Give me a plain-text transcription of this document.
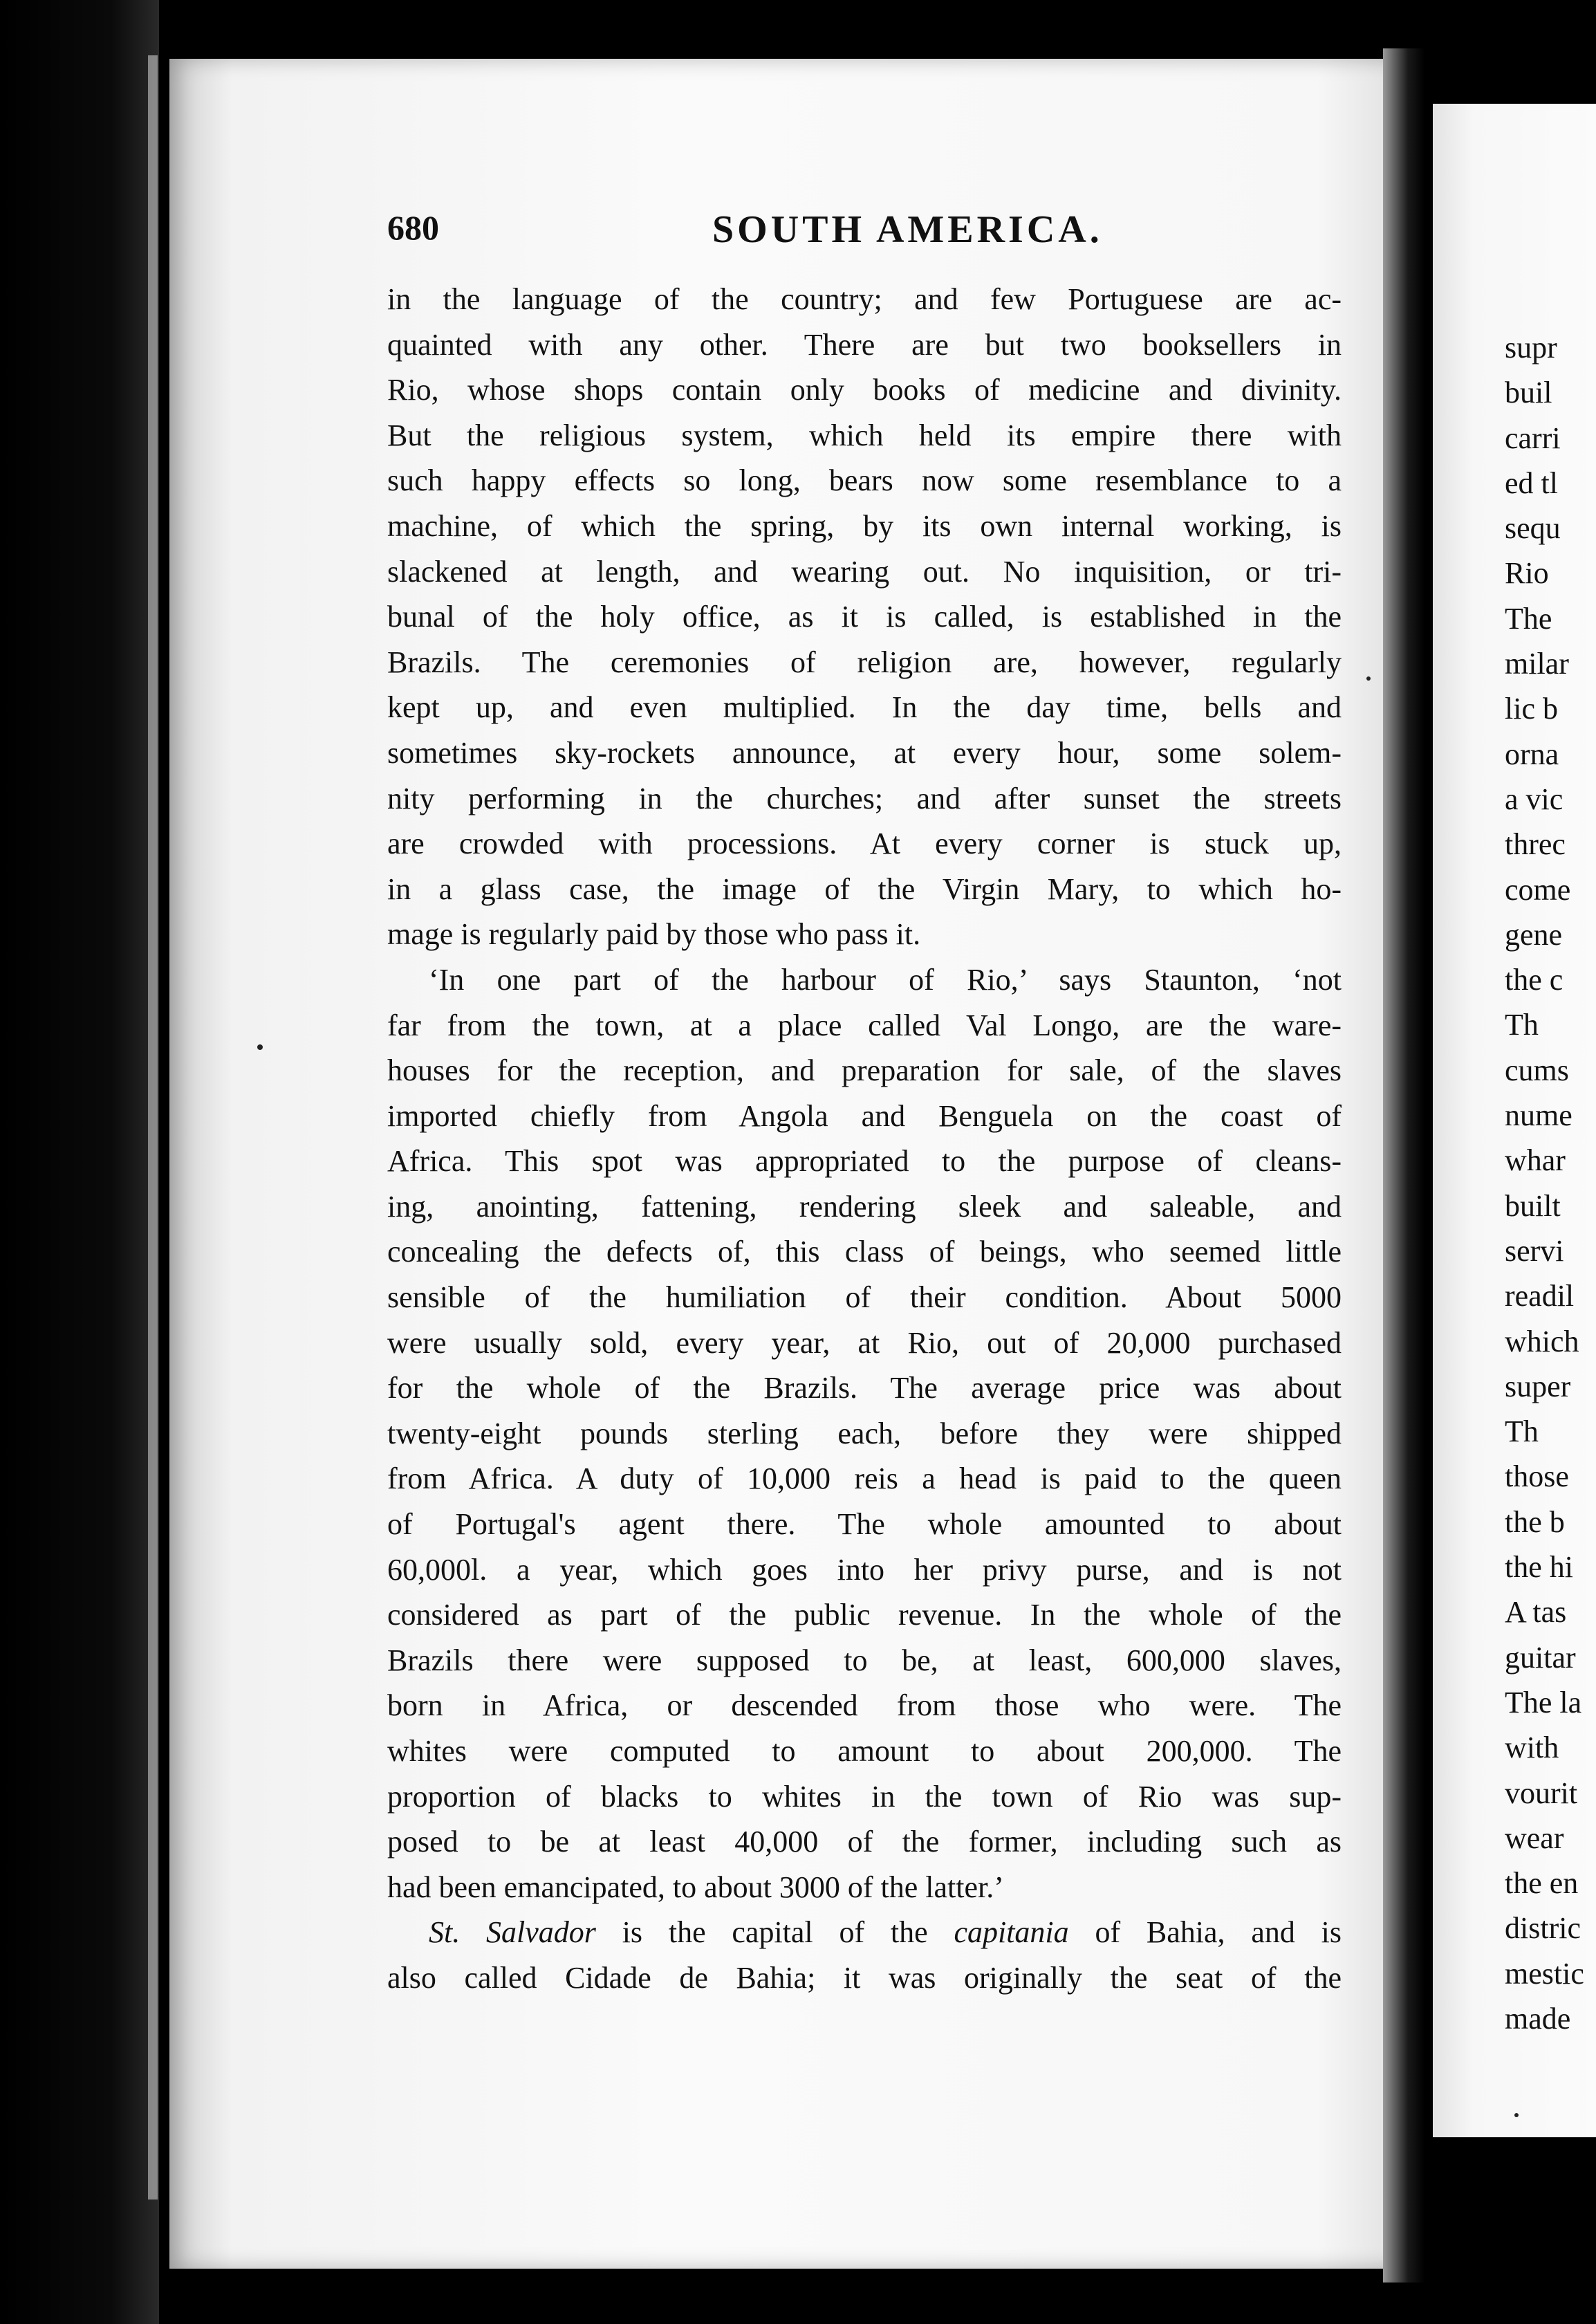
680	SOUTH AMERICA.
in the language of the country; and few Portuguese are ac-
quainted with any other. There are but two booksellers in
Rio, whose shops contain only books of medicine and divinity.
But the religious system, which held its empire there with
such happy effects so long, bears now some resemblance to a
machine, of which the spring, by its own internal working, is
slackened at length, and wearing out. No inquisition, or tri-
bunal of the holy office, as it is called, is established in the
Brazils. The ceremonies of religion are, however, regularly
kept up, and even multiplied. In the day time, bells and
sometimes sky-rockets announce, at every hour, some solem-
nity performing in the churches; and after sunset the streets
are crowded with processions. At every corner is stuck up,
in a glass case, the image of the Virgin Mary, to which ho-
mage is regularly paid by those who pass it.
‘In one part of the harbour of Rio,’ says Staunton, ‘not
far from the town, at a place called Val Longo, are the ware-
houses for the reception, and preparation for sale, of the slaves
imported chiefly from Angola and Benguela on the coast of
Africa. This spot was appropriated to the purpose of cleans-
ing, anointing, fattening, rendering sleek and saleable, and
concealing the defects of, this class of beings, who seemed little
sensible of the humiliation of their condition. About 5000
were usually sold, every year, at Rio, out of 20,000 purchased
for the whole of the Brazils. The average price was about
twenty-eight pounds sterling each, before they were shipped
from Africa. A duty of 10,000 reis a head is paid to the queen
of Portugal's agent there. The whole amounted to about
60,000l. a year, which goes into her privy purse, and is not
considered as part of the public revenue. In the whole of the
Brazils there were supposed to be, at least, 600,000 slaves,
born in Africa, or descended from those who were. The
whites were computed to amount to about 200,000. The
proportion of blacks to whites in the town of Rio was sup-
posed to be at least 40,000 of the former, including such as
had been emancipated, to about 3000 of the latter.’
St. Salvador is the capital of the capitania of Bahia, and is
also called Cidade de Bahia; it was originally the seat of the
supr
buil
carri
ed tl
sequ
Rio
The
milar
lic b
orna
a vic
threc
come
gene
the c
Th
cums
nume
whar
built
servi
readil
which
super
Th
those
the b
the hi
A tas
guitar
The la
with
vourit
wear
the en
distric
mestic
made
